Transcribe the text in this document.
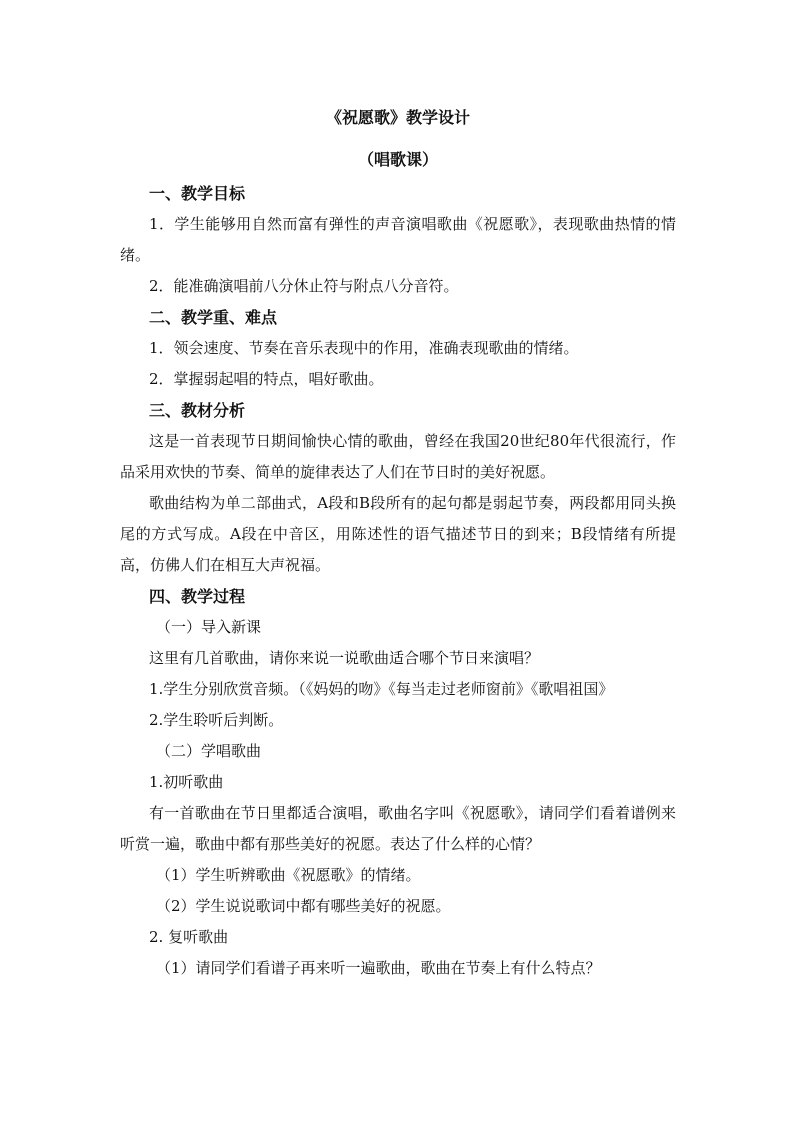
《祝愿歌》教学设计

（唱歌课）

一、教学目标

1．学生能够用自然而富有弹性的声音演唱歌曲《祝愿歌》，表现歌曲热情的情绪。

2．能准确演唱前八分休止符与附点八分音符。

二、教学重、难点

1．领会速度、节奏在音乐表现中的作用，准确表现歌曲的情绪。

2．掌握弱起唱的特点，唱好歌曲。

三、教材分析

这是一首表现节日期间愉快心情的歌曲，曾经在我国20世纪80年代很流行，作品采用欢快的节奏、简单的旋律表达了人们在节日时的美好祝愿。

歌曲结构为单二部曲式，A段和B段所有的起句都是弱起节奏，两段都用同头换尾的方式写成。A段在中音区，用陈述性的语气描述节日的到来；B段情绪有所提高，仿佛人们在相互大声祝福。

四、教学过程

（一）导入新课

这里有几首歌曲，请你来说一说歌曲适合哪个节日来演唱？

1.学生分别欣赏音频。（《妈妈的吻》《每当走过老师窗前》《歌唱祖国》

2.学生聆听后判断。

（二）学唱歌曲

1.初听歌曲

有一首歌曲在节日里都适合演唱，歌曲名字叫《祝愿歌》，请同学们看着谱例来听赏一遍，歌曲中都有那些美好的祝愿。表达了什么样的心情？

（1）学生听辨歌曲《祝愿歌》的情绪。

（2）学生说说歌词中都有哪些美好的祝愿。

2. 复听歌曲

（1）请同学们看谱子再来听一遍歌曲，歌曲在节奏上有什么特点？
